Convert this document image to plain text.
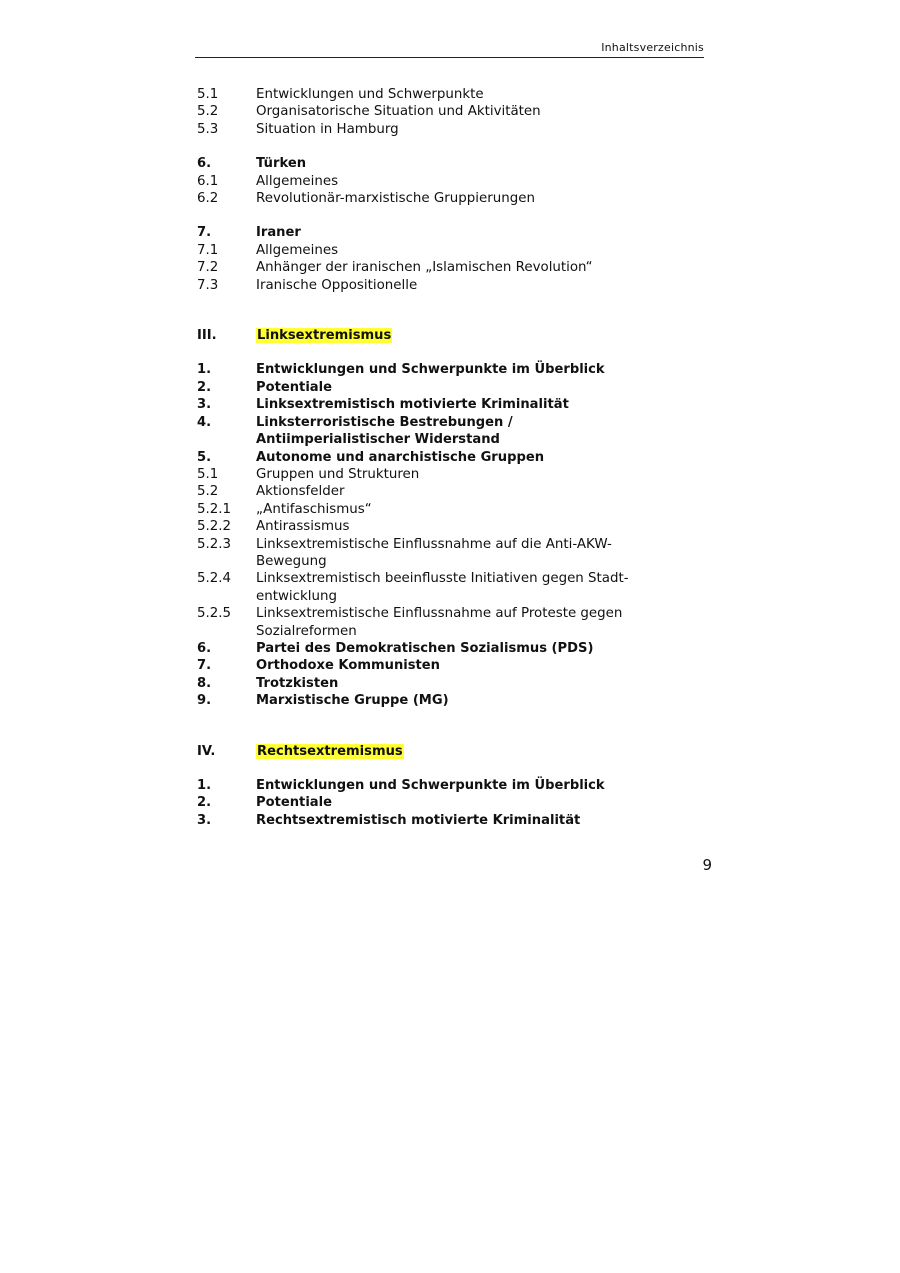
Inhaltsverzeichnis
5.1	Entwicklungen und Schwerpunkte
5.2	Organisatorische Situation und Aktivitäten
5.3	Situation in Hamburg
6.	Türken
6.1	Allgemeines
6.2	Revolutionär-marxistische Gruppierungen
7.	Iraner
7.1	Allgemeines
7.2	Anhänger der iranischen „Islamischen Revolution“
7.3	Iranische Oppositionelle
III.	Linksextremismus
1.	Entwicklungen und Schwerpunkte im Überblick
2.	Potentiale
3.	Linksextremistisch motivierte Kriminalität
4.	Linksterroristische Bestrebungen / Antiimperialistischer Widerstand
5.	Autonome und anarchistische Gruppen
5.1	Gruppen und Strukturen
5.2	Aktionsfelder
5.2.1	„Antifaschismus“
5.2.2	Antirassismus
5.2.3	Linksextremistische Einflussnahme auf die Anti-AKW-Bewegung
5.2.4	Linksextremistisch beeinflusste Initiativen gegen Stadt-entwicklung
5.2.5	Linksextremistische Einflussnahme auf Proteste gegen Sozialreformen
6.	Partei des Demokratischen Sozialismus (PDS)
7.	Orthodoxe Kommunisten
8.	Trotzkisten
9.	Marxistische Gruppe (MG)
IV.	Rechtsextremismus
1.	Entwicklungen und Schwerpunkte im Überblick
2.	Potentiale
3.	Rechtsextremistisch motivierte Kriminalität
9
